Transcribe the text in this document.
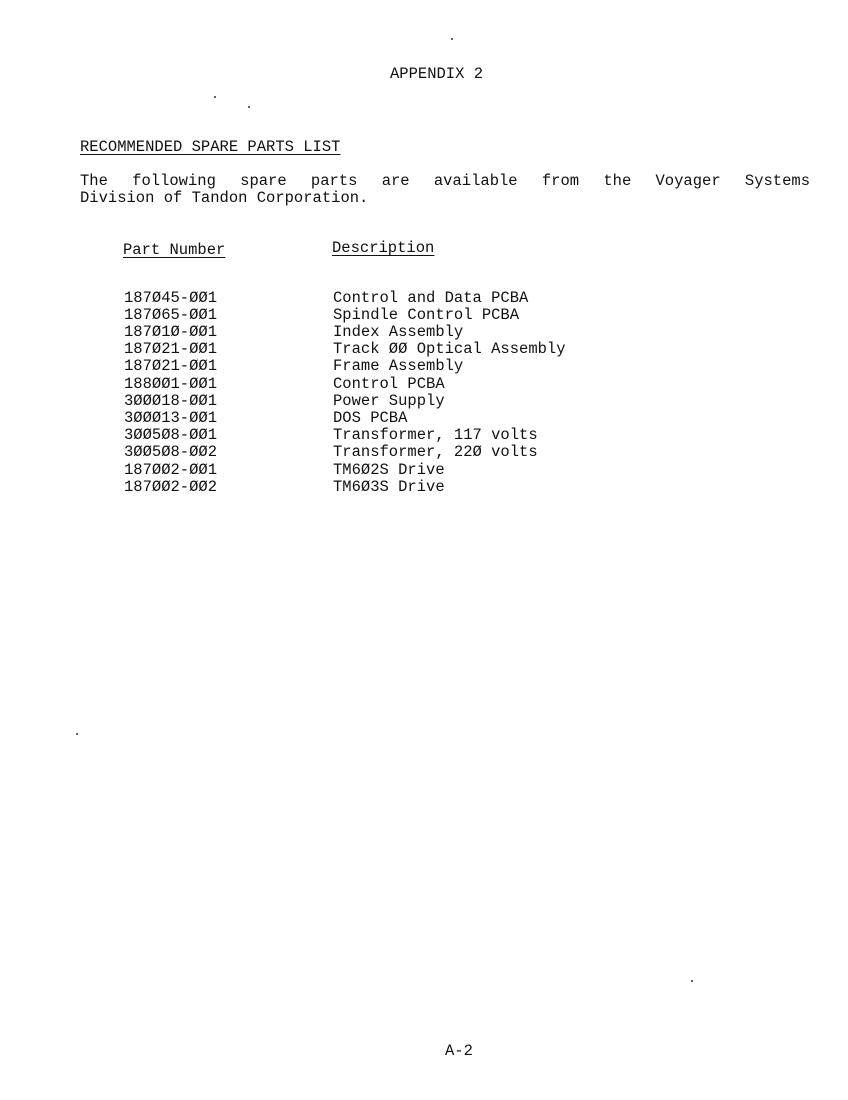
APPENDIX 2
RECOMMENDED SPARE PARTS LIST
The following spare parts are available from the Voyager Systems
Division of Tandon Corporation.
Part Number	Description
187Ø45-ØØ1	Control and Data PCBA
187Ø65-ØØ1	Spindle Control PCBA
187Ø1Ø-ØØ1	Index Assembly
187Ø21-ØØ1	Track ØØ Optical Assembly
187Ø21-ØØ1	Frame Assembly
188ØØ1-ØØ1	Control PCBA
3ØØØ18-ØØ1	Power Supply
3ØØØ13-ØØ1	DOS PCBA
3ØØ5Ø8-ØØ1	Transformer, 117 volts
3ØØ5Ø8-ØØ2	Transformer, 22Ø volts
187ØØ2-ØØ1	TM6Ø2S Drive
187ØØ2-ØØ2	TM6Ø3S Drive
A-2
